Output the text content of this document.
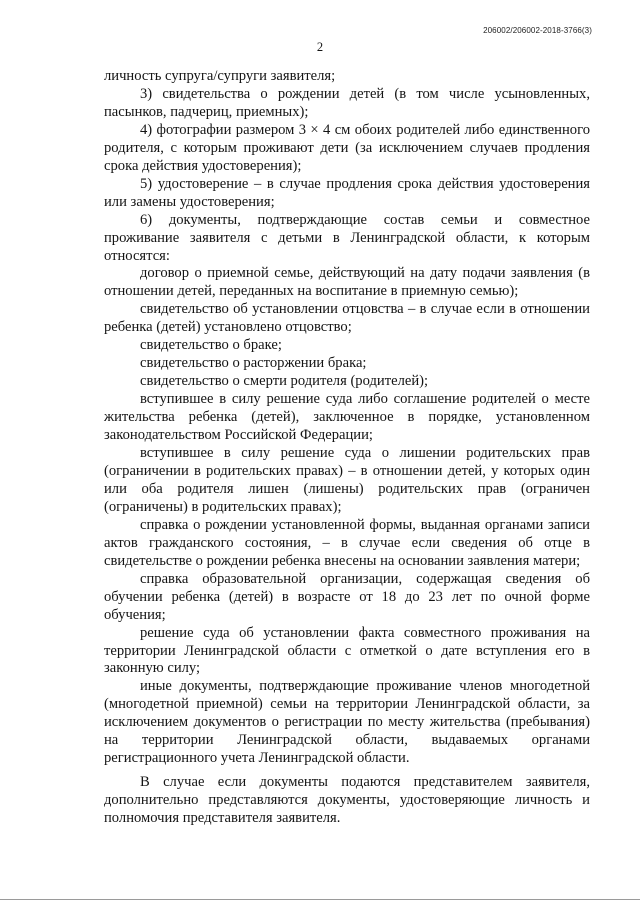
206002/206002-2018-3766(3)
2

личность супруга/супруги заявителя;

3) свидетельства о рождении детей (в том числе усыновленных, пасынков, падчериц, приемных);

4) фотографии размером 3 × 4 см обоих родителей либо единственного родителя, с которым проживают дети (за исключением случаев продления срока действия удостоверения);

5) удостоверение – в случае продления срока действия удостоверения или замены удостоверения;

6) документы, подтверждающие состав семьи и совместное проживание заявителя с детьми в Ленинградской области, к которым относятся:

договор о приемной семье, действующий на дату подачи заявления (в отношении детей, переданных на воспитание в приемную семью);

свидетельство об установлении отцовства – в случае если в отношении ребенка (детей) установлено отцовство;

свидетельство о браке;

свидетельство о расторжении брака;

свидетельство о смерти родителя (родителей);

вступившее в силу решение суда либо соглашение родителей о месте жительства ребенка (детей), заключенное в порядке, установленном законодательством Российской Федерации;

вступившее в силу решение суда о лишении родительских прав (ограничении в родительских правах) – в отношении детей, у которых один или оба родителя лишен (лишены) родительских прав (ограничен (ограничены) в родительских правах);

справка о рождении установленной формы, выданная органами записи актов гражданского состояния, – в случае если сведения об отце в свидетельстве о рождении ребенка внесены на основании заявления матери;

справка образовательной организации, содержащая сведения об обучении ребенка (детей) в возрасте от 18 до 23 лет по очной форме обучения;

решение суда об установлении факта совместного проживания на территории Ленинградской области с отметкой о дате вступления его в законную силу;

иные документы, подтверждающие проживание членов многодетной (многодетной приемной) семьи на территории Ленинградской области, за исключением документов о регистрации по месту жительства (пребывания) на территории Ленинградской области, выдаваемых органами регистрационного учета Ленинградской области.

В случае если документы подаются представителем заявителя, дополнительно представляются документы, удостоверяющие личность и полномочия представителя заявителя.
